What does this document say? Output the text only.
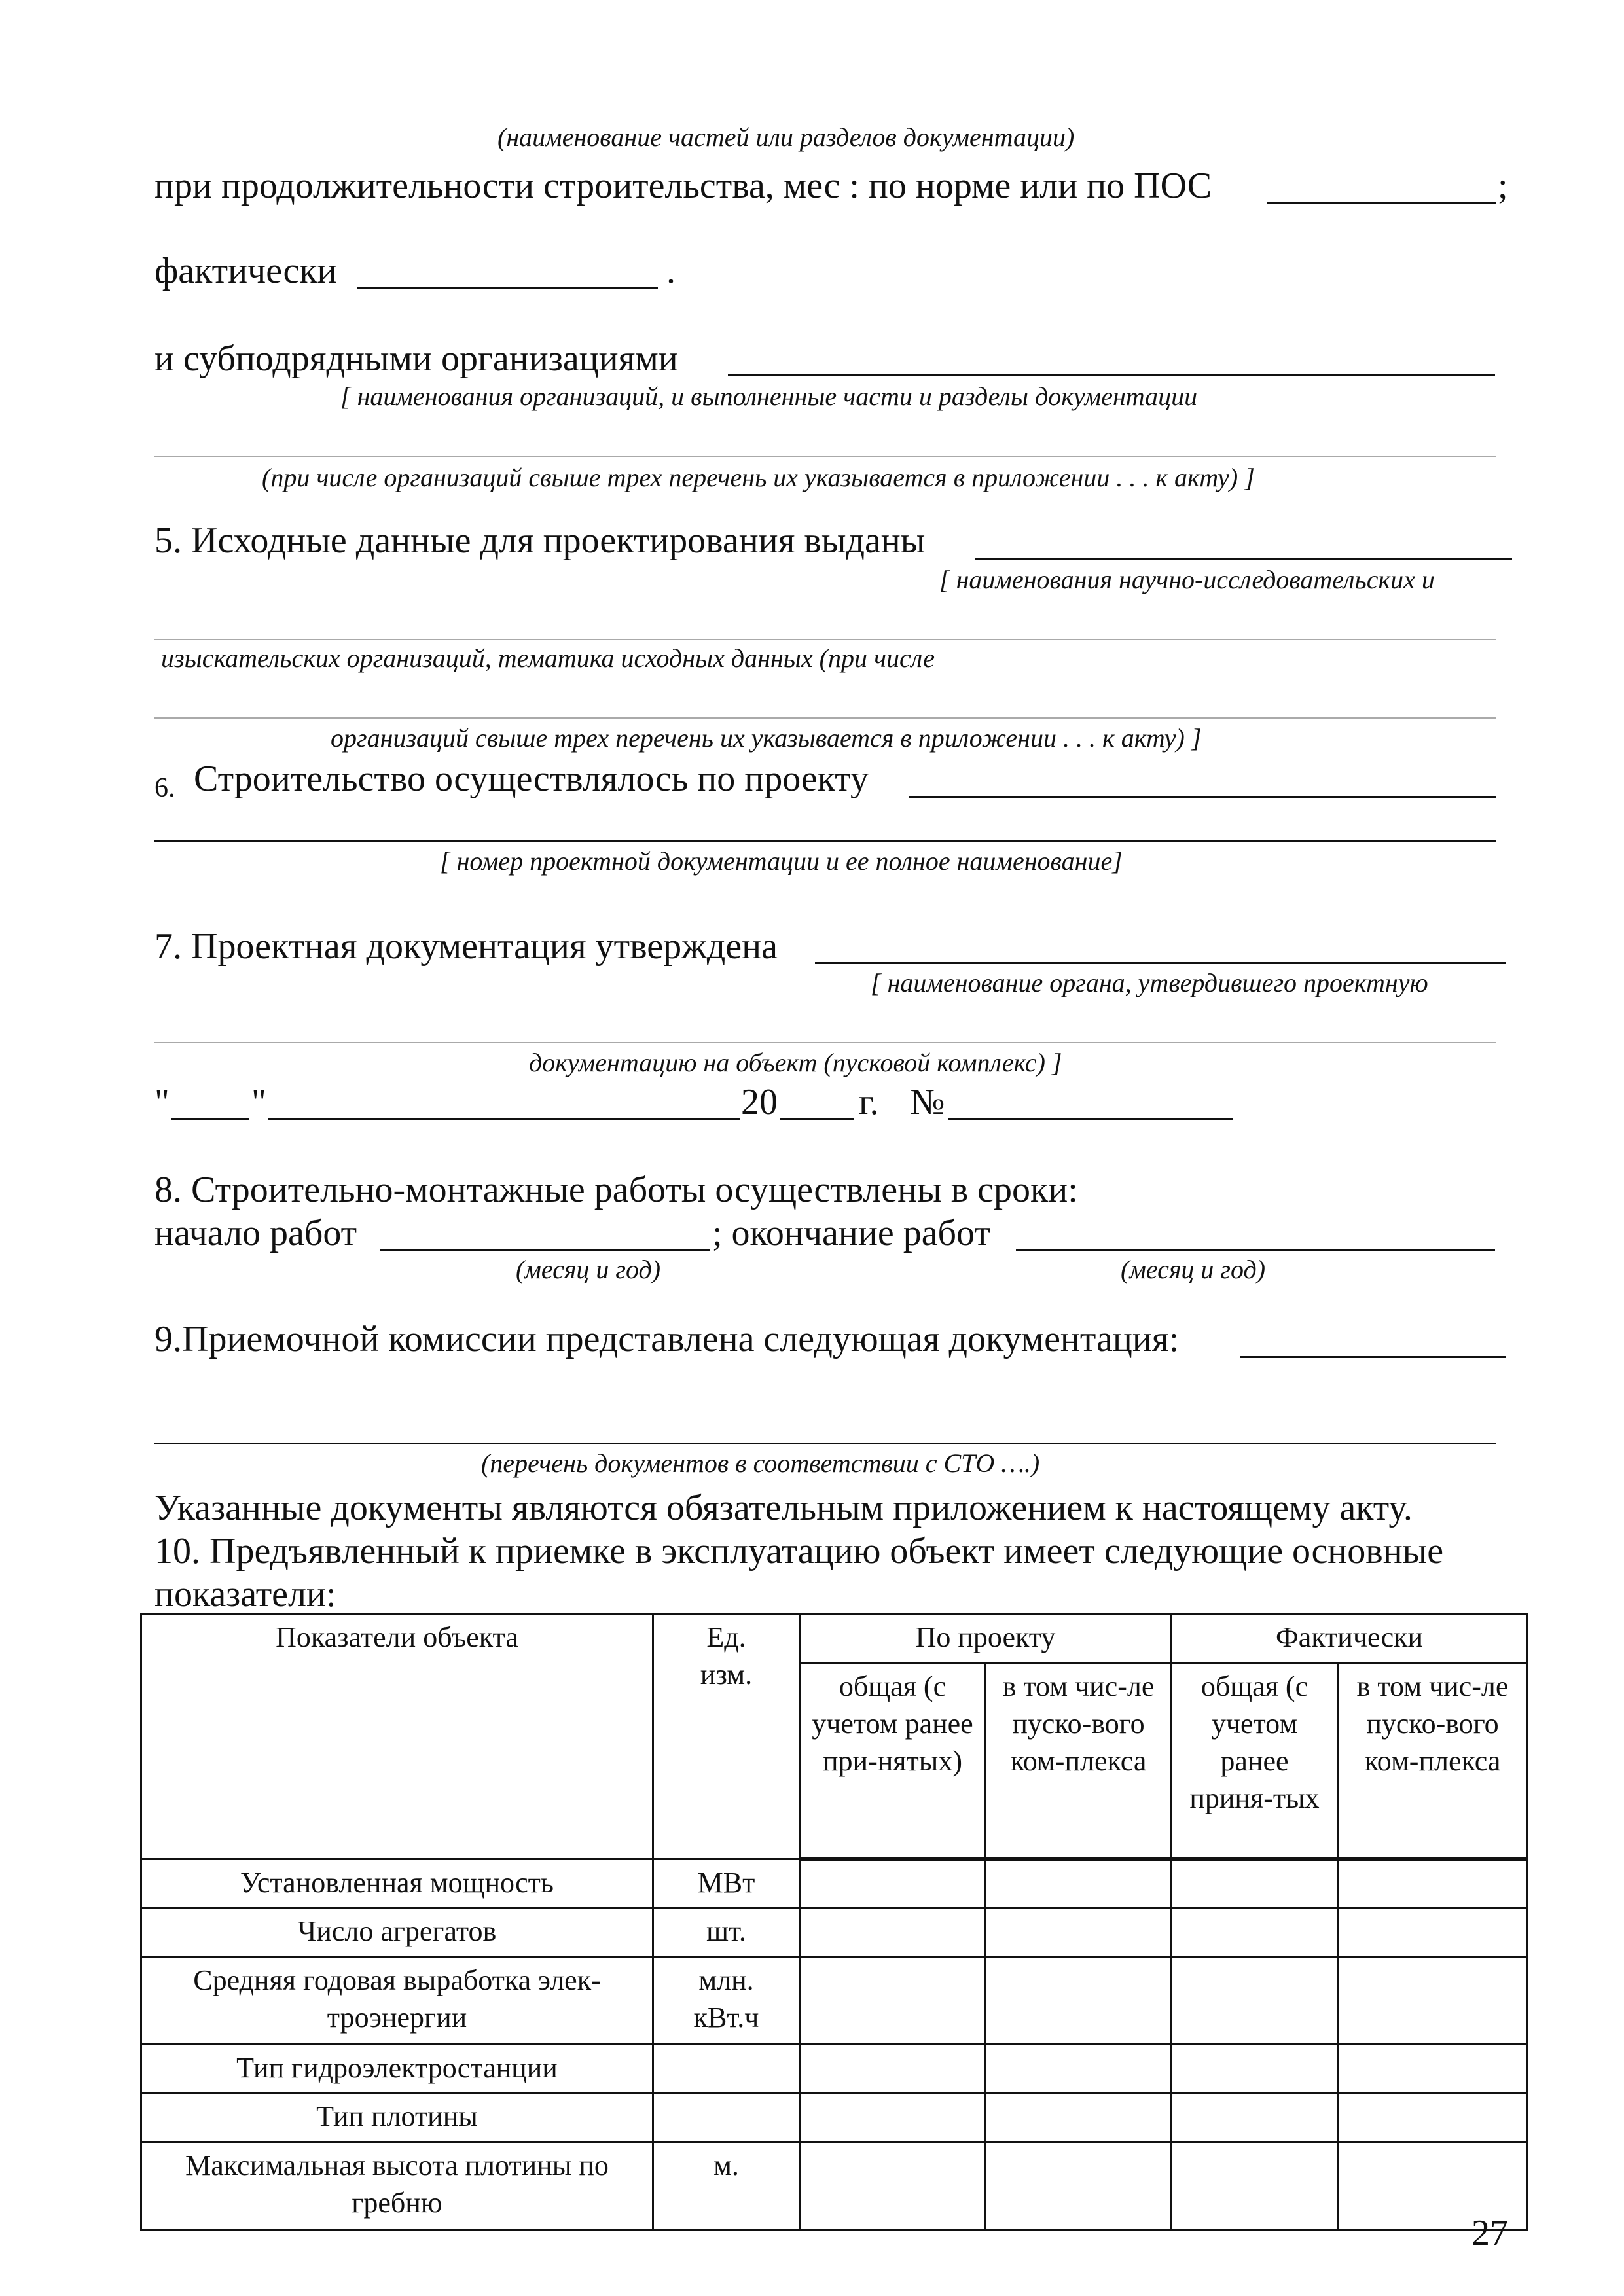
(наименование частей или разделов документации)
при продолжительности строительства, мес : по норме или по ПОС	;
фактически	.
и субподрядными организациями
[ наименования организаций, и выполненные части и разделы документации
(при числе организаций свыше трех перечень их указывается в приложении . . . к акту) ]
5. Исходные данные для проектирования выданы
[ наименования научно-исследовательских и
изыскательских организаций, тематика исходных данных (при числе
организаций свыше трех перечень их указывается в приложении . . . к акту) ]
6. Строительство осуществлялось по проекту
[ номер проектной документации и ее полное наименование]
7. Проектная документация утверждена
[ наименование органа, утвердившего проектную
документацию на объект (пусковой комплекс) ]
" "	20 г. №
8. Строительно-монтажные работы осуществлены в сроки:
начало работ	; окончание работ
(месяц и год)	(месяц и год)
9.Приемочной комиссии представлена следующая документация:
(перечень документов в соответствии с СТО ….)
Указанные документы являются обязательным приложением к настоящему акту.
10. Предъявленный к приемке в эксплуатацию объект имеет следующие основные
показатели:
Показатели объекта	Ед. изм.	По проекту		Фактически	
		общая (с учетом ранее при-нятых)	в том чис-ле пуско-вого ком-плекса	общая (с учетом ранее приня-тых	в том чис-ле пуско-вого ком-плекса
Установленная мощность	МВт				
Число агрегатов	шт.				
Средняя годовая выработка элек-троэнергии	млн. кВт.ч				
Тип гидроэлектростанции					
Тип плотины					
Максимальная высота плотины по гребню	м.				
27
